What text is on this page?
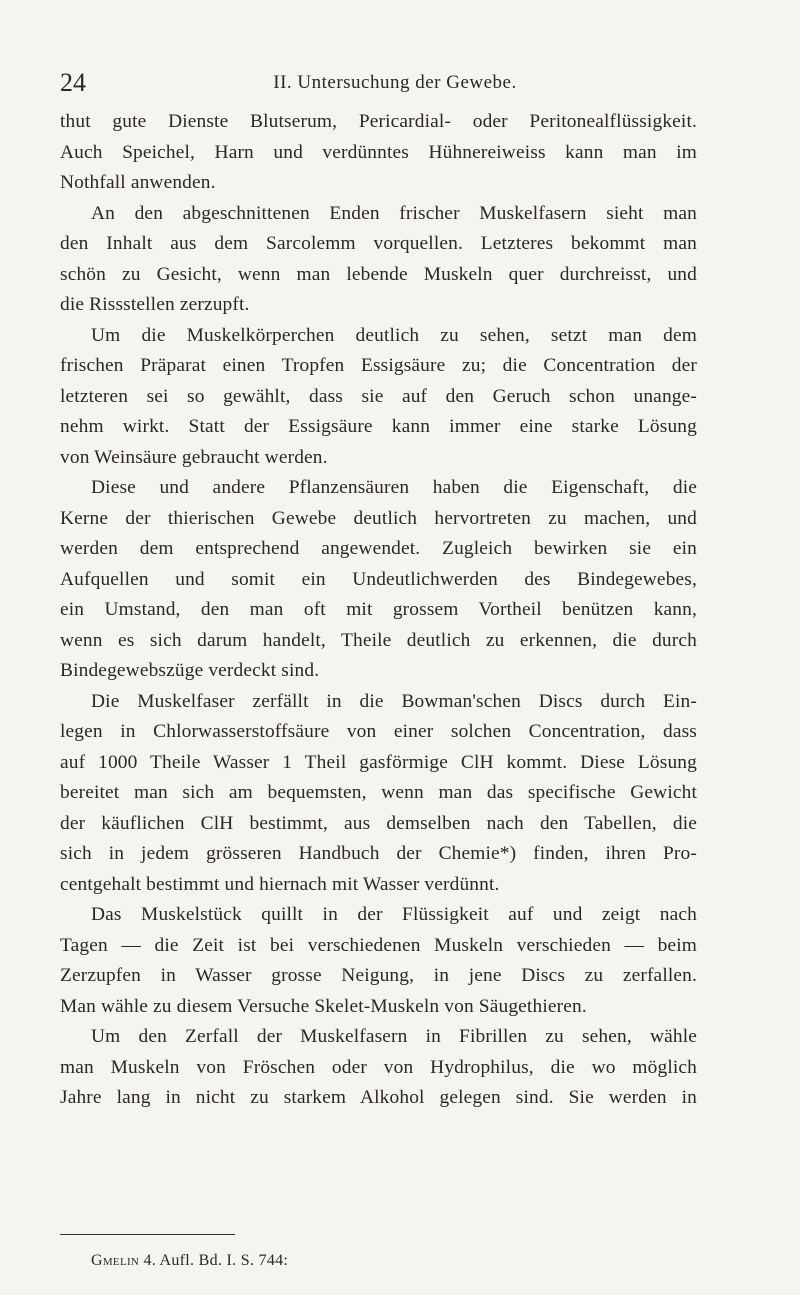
24	II. Untersuchung der Gewebe.
thut gute Dienste Blutserum, Pericardial- oder Peritonealflüssigkeit.
Auch Speichel, Harn und verdünntes Hühnereiweiss kann man im
Nothfall anwenden.
An den abgeschnittenen Enden frischer Muskelfasern sieht man
den Inhalt aus dem Sarcolemm vorquellen. Letzteres bekommt man
schön zu Gesicht, wenn man lebende Muskeln quer durchreisst, und
die Rissstellen zerzupft.
Um die Muskelkörperchen deutlich zu sehen, setzt man dem
frischen Präparat einen Tropfen Essigsäure zu; die Concentration der
letzteren sei so gewählt, dass sie auf den Geruch schon unange-
nehm wirkt. Statt der Essigsäure kann immer eine starke Lösung
von Weinsäure gebraucht werden.
Diese und andere Pflanzensäuren haben die Eigenschaft, die
Kerne der thierischen Gewebe deutlich hervortreten zu machen, und
werden dem entsprechend angewendet. Zugleich bewirken sie ein
Aufquellen und somit ein Undeutlichwerden des Bindegewebes,
ein Umstand, den man oft mit grossem Vortheil benützen kann,
wenn es sich darum handelt, Theile deutlich zu erkennen, die durch
Bindegewebszüge verdeckt sind.
Die Muskelfaser zerfällt in die Bowman'schen Discs durch Ein-
legen in Chlorwasserstoffsäure von einer solchen Concentration, dass
auf 1000 Theile Wasser 1 Theil gasförmige ClH kommt. Diese Lösung
bereitet man sich am bequemsten, wenn man das specifische Gewicht
der käuflichen ClH bestimmt, aus demselben nach den Tabellen, die
sich in jedem grösseren Handbuch der Chemie*) finden, ihren Pro-
centgehalt bestimmt und hiernach mit Wasser verdünnt.
Das Muskelstück quillt in der Flüssigkeit auf und zeigt nach
Tagen — die Zeit ist bei verschiedenen Muskeln verschieden — beim
Zerzupfen in Wasser grosse Neigung, in jene Discs zu zerfallen.
Man wähle zu diesem Versuche Skelet-Muskeln von Säugethieren.
Um den Zerfall der Muskelfasern in Fibrillen zu sehen, wähle
man Muskeln von Fröschen oder von Hydrophilus, die wo möglich
Jahre lang in nicht zu starkem Alkohol gelegen sind. Sie werden in
Gmelin 4. Aufl. Bd. I. S. 744:
